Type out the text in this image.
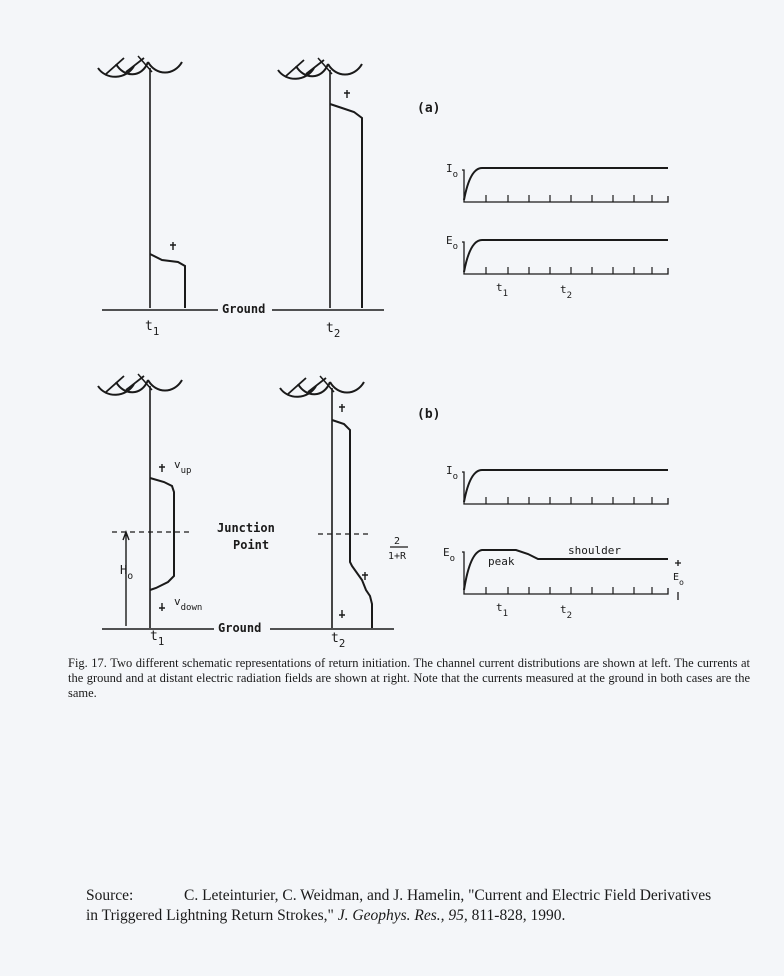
(a)
Ground
$t_1$	$t_2$
$I_o$
$E_o$
$t_1$	$t_2$
(b)
Ground
Junction
Point
$H_o$
$v_{up}$
$v_{down}$
$t_1$	$t_2$
$I_o$
2
1+R	$E_o$	peak
shoulder
$E_o$
$t_1$	$t_2$

Fig. 17. Two different schematic representations of return initiation. The channel current distributions are shown at left. The currents at the ground and at distant electric radiation fields are shown at right. Note that the currents measured at the ground in both cases are the same.

Source:	C. Leteinturier, C. Weidman, and J. Hamelin, "Current and Electric Field Derivatives in Triggered Lightning Return Strokes," J. Geophys. Res., 95, 811-828, 1990.
